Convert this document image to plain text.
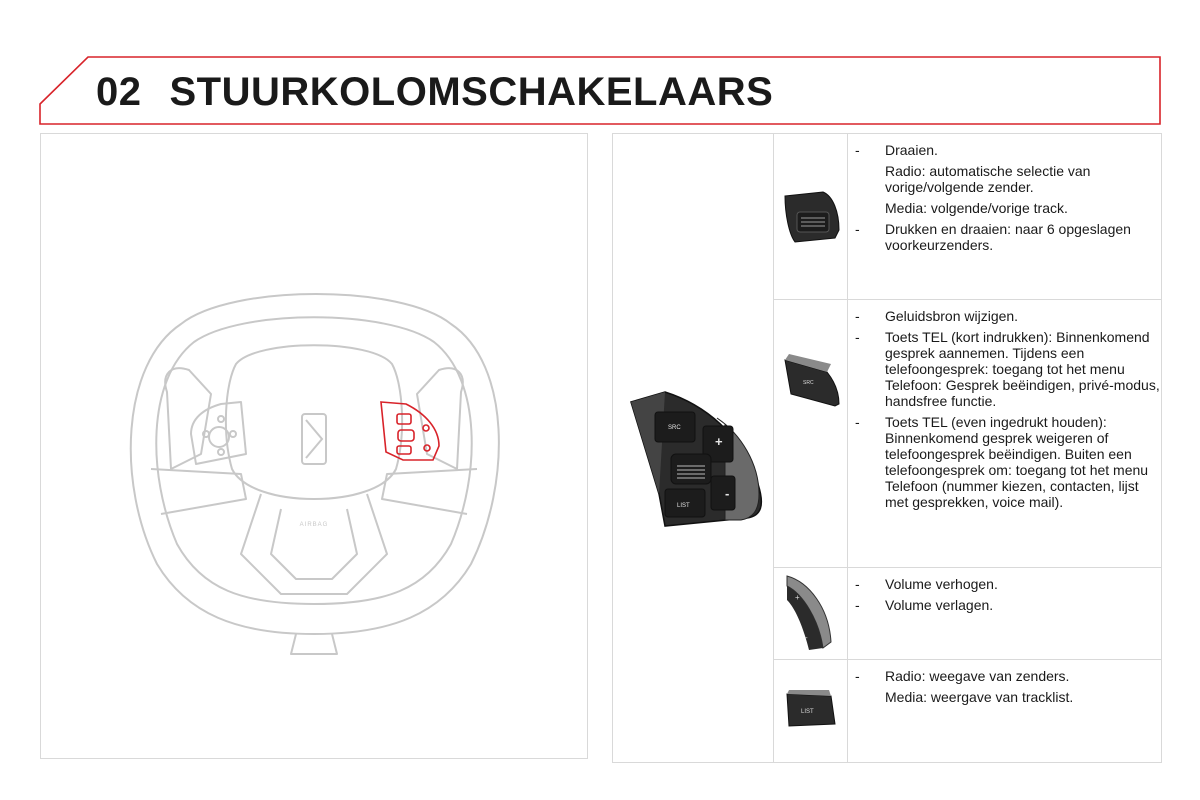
02 STUURKOLOMSCHAKELAARS
AIRBAG
SRC
+
-
LIST
- Draaien.

Radio: automatische selectie van vorige/volgende zender.

Media: volgende/vorige track.

- Drukken en draaien: naar 6 opgeslagen voorkeurzenders.

SRC
- Geluidsbron wijzigen.

- Toets TEL (kort indrukken): Binnenkomend gesprek aannemen. Tijdens een telefoongesprek: toegang tot het menu Telefoon: Gesprek beëindigen, privé-modus, handsfree functie.

- Toets TEL (even ingedrukt houden): Binnenkomend gesprek weigeren of telefoongesprek beëindigen. Buiten een telefoongesprek om: toegang tot het menu Telefoon (nummer kiezen, contacten, lijst met gesprekken, voice mail).

+
-
- Volume verhogen.

- Volume verlagen.

LIST
- Radio: weegave van zenders.

Media: weergave van tracklist.
